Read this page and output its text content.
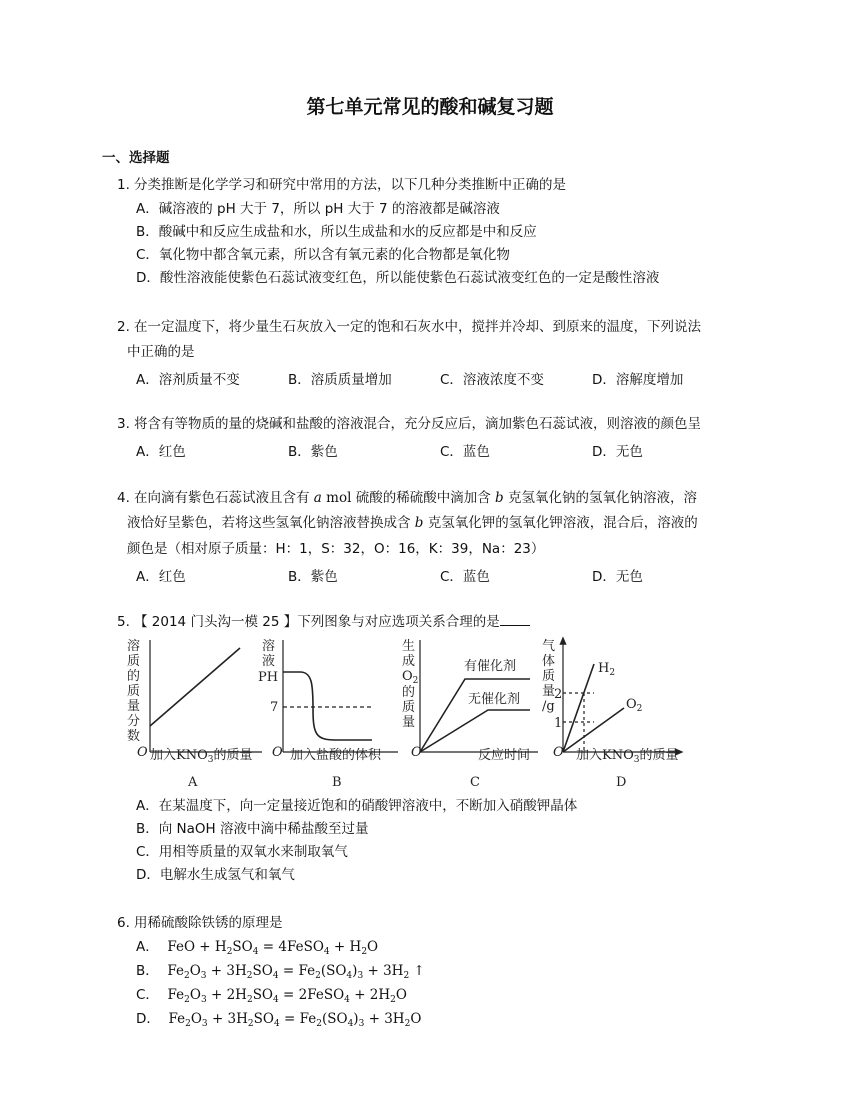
第七单元常见的酸和碱复习题
一、选择题
1. 分类推断是化学学习和研究中常用的方法，以下几种分类推断中正确的是
A．碱溶液的 pH 大于 7，所以 pH 大于 7 的溶液都是碱溶液
B．酸碱中和反应生成盐和水，所以生成盐和水的反应都是中和反应
C．氧化物中都含氧元素，所以含有氧元素的化合物都是氧化物
D．酸性溶液能使紫色石蕊试液变红色，所以能使紫色石蕊试液变红色的一定是酸性溶液
2. 在一定温度下，将少量生石灰放入一定的饱和石灰水中，搅拌并冷却、到原来的温度，下列说法
中正确的是
A．溶剂质量不变	B．溶质质量增加	C．溶液浓度不变	D．溶解度增加
3. 将含有等物质的量的烧碱和盐酸的溶液混合，充分反应后，滴加紫色石蕊试液，则溶液的颜色呈
A．红色	B．紫色	C．蓝色	D．无色
4. 在向滴有紫色石蕊试液且含有 a mol 硫酸的稀硫酸中滴加含 b 克氢氧化钠的氢氧化钠溶液，溶
液恰好呈紫色，若将这些氢氧化钠溶液替换成含 b 克氢氧化钾的氢氧化钾溶液，混合后，溶液的
颜色是（相对原子质量：H：1，S：32，O：16，K：39，Na：23）
A．红色	B．紫色	C．蓝色	D．无色
5. 【 2014 门头沟一模 25 】下列图象与对应选项关系合理的是
溶质的质量分数
O 加入$KNO_3$的质量
A
溶液
PH
7
O 加入盐酸的体积
B
生成 $O_2$ 的质量
有催化剂
无催化剂
O	反应时间
C
气体质量/g
2
1
$H_2$
$O_2$
O 加入$KNO_3$的质量
D
A．在某温度下，向一定量接近饱和的硝酸钾溶液中，不断加入硝酸钾晶体
B．向 NaOH 溶液中滴中稀盐酸至过量
C．用相等质量的双氧水来制取氧气
D．电解水生成氢气和氧气
6. 用稀硫酸除铁锈的原理是
A．  FeO + $H_2SO_4$ = 4FeSO$_4$ + $H_2O$
B．  $Fe_2O_3 + 3H_2SO_4 = Fe_2(SO_4)_3 + 3H_2$ ↑
C．  $Fe_2O_3 + 2H_2SO_4$ = 2FeSO$_4$ + $2H_2O$
D．  $Fe_2O_3 + 3H_2SO_4 = Fe_2(SO_4)_3 + 3H_2O$
